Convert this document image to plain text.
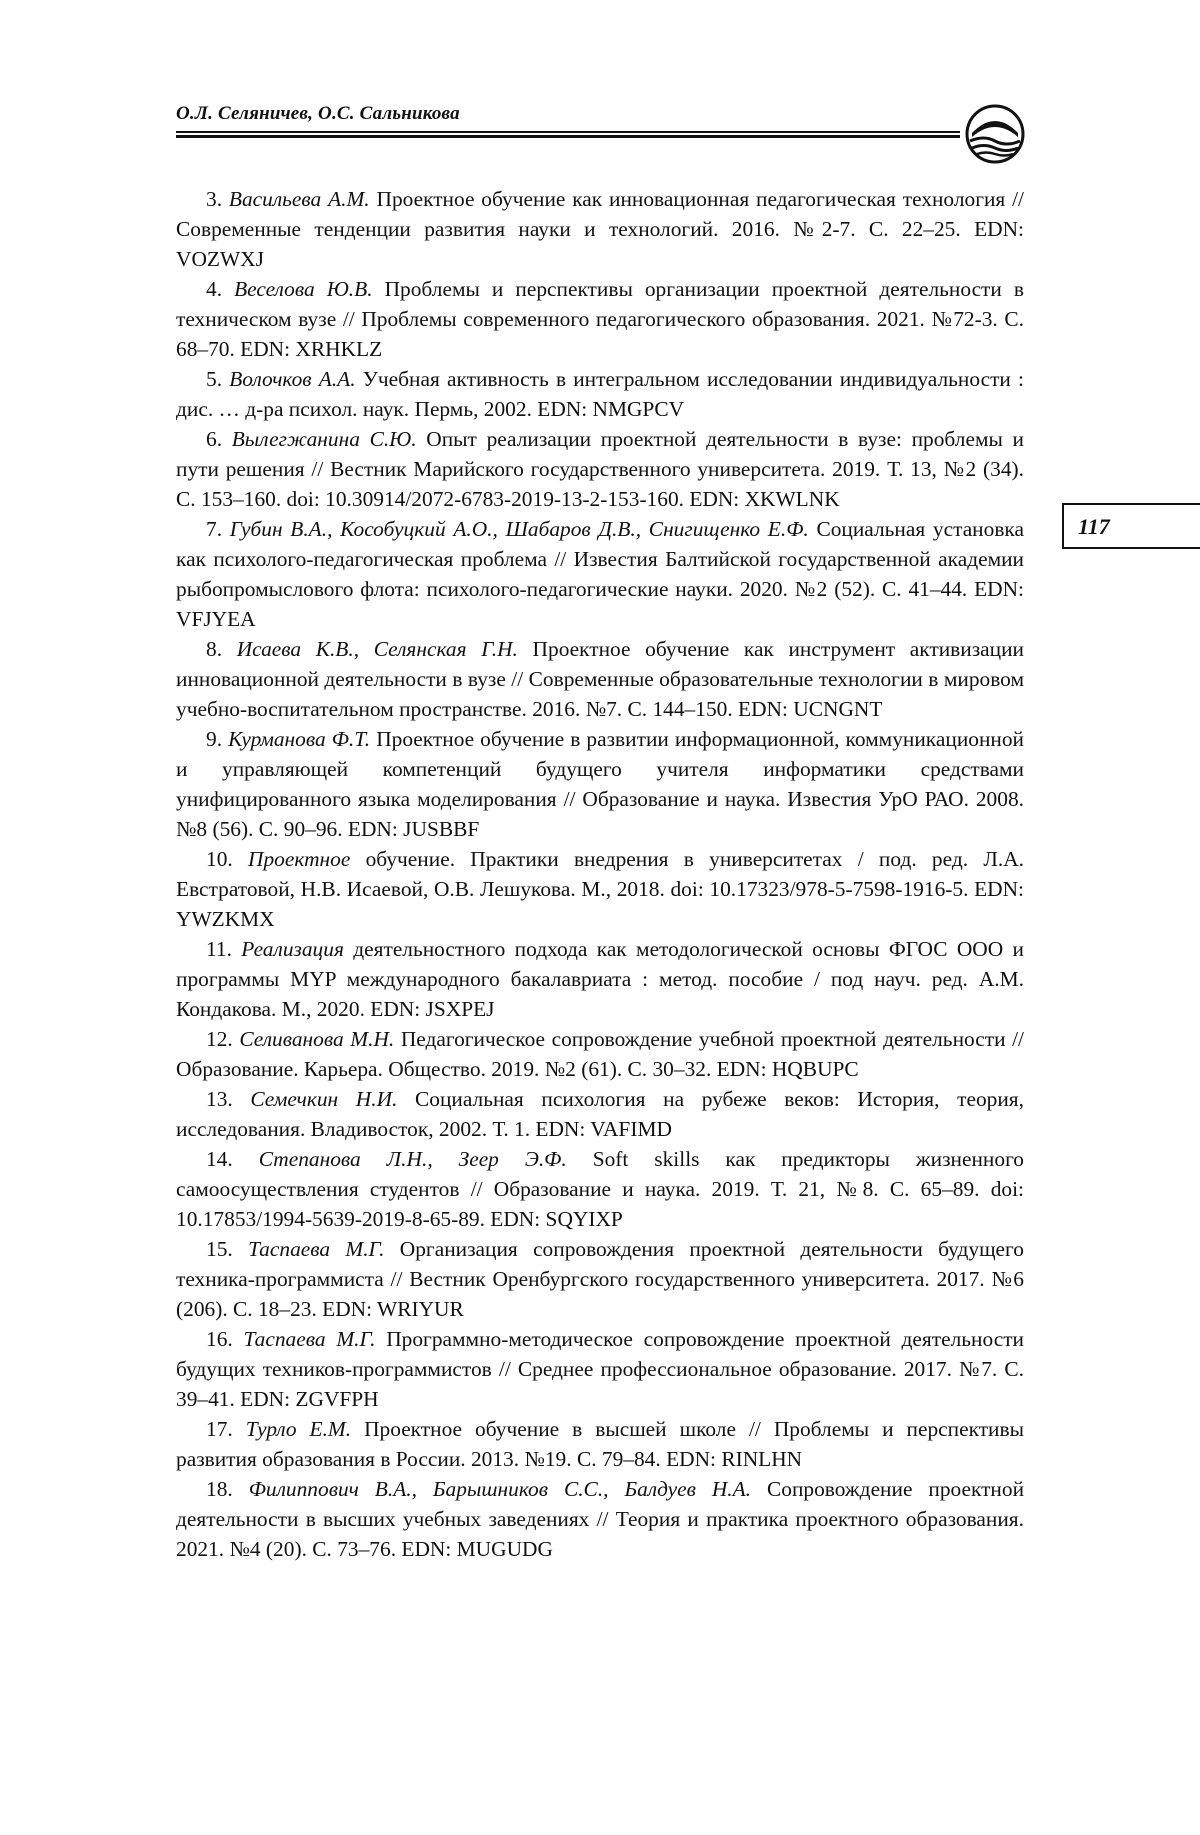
О.Л. Селяничев, О.С. Сальникова
117

3. Васильева А.М. Проектное обучение как инновационная педагогическая технология // Современные тенденции развития науки и технологий. 2016. №2-7. С. 22–25. EDN: VOZWXJ

4. Веселова Ю.В. Проблемы и перспективы организации проектной деятельности в техническом вузе // Проблемы современного педагогического образования. 2021. №72-3. С. 68–70. EDN: XRHKLZ

5. Волочков А.А. Учебная активность в интегральном исследовании индивидуальности : дис. … д-ра психол. наук. Пермь, 2002. EDN: NMGPCV

6. Вылегжанина С.Ю. Опыт реализации проектной деятельности в вузе: проблемы и пути решения // Вестник Марийского государственного университета. 2019. Т. 13, №2 (34). С. 153–160. doi: 10.30914/2072-6783-2019-13-2-153-160. EDN: XKWLNK

7. Губин В.А., Кособуцкий А.О., Шабаров Д.В., Снигищенко Е.Ф. Социальная установка как психолого-педагогическая проблема // Известия Балтийской государственной академии рыбопромыслового флота: психолого-педагогические науки. 2020. №2 (52). С. 41–44. EDN: VFJYEA

8. Исаева К.В., Селянская Г.Н. Проектное обучение как инструмент активизации инновационной деятельности в вузе // Современные образовательные технологии в мировом учебно-воспитательном пространстве. 2016. №7. С. 144–150. EDN: UCNGNT

9. Курманова Ф.Т. Проектное обучение в развитии информационной, коммуникационной и управляющей компетенций будущего учителя информатики средствами унифицированного языка моделирования // Образование и наука. Известия УрО РАО. 2008. №8 (56). С. 90–96. EDN: JUSBBF

10. Проектное обучение. Практики внедрения в университетах / под. ред. Л.А. Евстратовой, Н.В. Исаевой, О.В. Лешукова. М., 2018. doi: 10.17323/978-5-7598-1916-5. EDN: YWZKMX

11. Реализация деятельностного подхода как методологической основы ФГОС ООО и программы MYP международного бакалавриата : метод. пособие / под науч. ред. А.М. Кондакова. М., 2020. EDN: JSXPEJ

12. Селиванова М.Н. Педагогическое сопровождение учебной проектной деятельности // Образование. Карьера. Общество. 2019. №2 (61). С. 30–32. EDN: HQBUPC

13. Семечкин Н.И. Социальная психология на рубеже веков: История, теория, исследования. Владивосток, 2002. Т. 1. EDN: VAFIMD

14. Степанова Л.Н., Зеер Э.Ф. Soft skills как предикторы жизненного самоосуществления студентов // Образование и наука. 2019. Т. 21, №8. С. 65–89. doi: 10.17853/1994-5639-2019-8-65-89. EDN: SQYIXP

15. Таспаева М.Г. Организация сопровождения проектной деятельности будущего техника-программиста // Вестник Оренбургского государственного университета. 2017. №6 (206). С. 18–23. EDN: WRIYUR

16. Таспаева М.Г. Программно-методическое сопровождение проектной деятельности будущих техников-программистов // Среднее профессиональное образование. 2017. №7. С. 39–41. EDN: ZGVFPH

17. Турло Е.М. Проектное обучение в высшей школе // Проблемы и перспективы развития образования в России. 2013. №19. С. 79–84. EDN: RINLHN

18. Филиппович В.А., Барышников С.С., Балдуев Н.А. Сопровождение проектной деятельности в высших учебных заведениях // Теория и практика проектного образования. 2021. №4 (20). С. 73–76. EDN: MUGUDG
